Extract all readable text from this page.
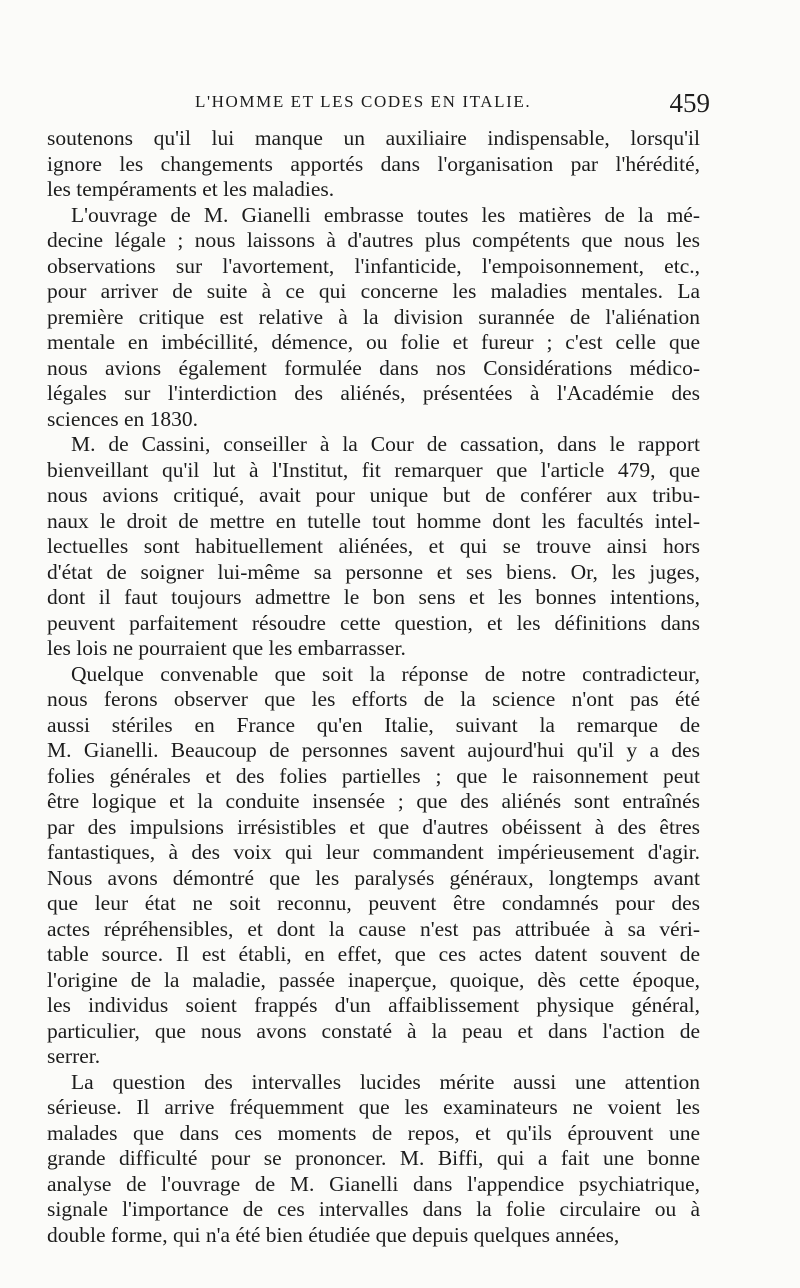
L'HOMME ET LES CODES EN ITALIE.	459

soutenons qu'il lui manque un auxiliaire indispensable, lorsqu'il
ignore les changements apportés dans l'organisation par l'hérédité,
les tempéraments et les maladies.

L'ouvrage de M. Gianelli embrasse toutes les matières de la mé-
decine légale ; nous laissons à d'autres plus compétents que nous les
observations sur l'avortement, l'infanticide, l'empoisonnement, etc.,
pour arriver de suite à ce qui concerne les maladies mentales. La
première critique est relative à la division surannée de l'aliénation
mentale en imbécillité, démence, ou folie et fureur ; c'est celle que
nous avions également formulée dans nos Considérations médico-
légales sur l'interdiction des aliénés, présentées à l'Académie des
sciences en 1830.

M. de Cassini, conseiller à la Cour de cassation, dans le rapport
bienveillant qu'il lut à l'Institut, fit remarquer que l'article 479, que
nous avions critiqué, avait pour unique but de conférer aux tribu-
naux le droit de mettre en tutelle tout homme dont les facultés intel-
lectuelles sont habituellement aliénées, et qui se trouve ainsi hors
d'état de soigner lui-même sa personne et ses biens. Or, les juges,
dont il faut toujours admettre le bon sens et les bonnes intentions,
peuvent parfaitement résoudre cette question, et les définitions dans
les lois ne pourraient que les embarrasser.

Quelque convenable que soit la réponse de notre contradicteur,
nous ferons observer que les efforts de la science n'ont pas été
aussi stériles en France qu'en Italie, suivant la remarque de
M. Gianelli. Beaucoup de personnes savent aujourd'hui qu'il y a des
folies générales et des folies partielles ; que le raisonnement peut
être logique et la conduite insensée ; que des aliénés sont entraînés
par des impulsions irrésistibles et que d'autres obéissent à des êtres
fantastiques, à des voix qui leur commandent impérieusement d'agir.
Nous avons démontré que les paralysés généraux, longtemps avant
que leur état ne soit reconnu, peuvent être condamnés pour des
actes répréhensibles, et dont la cause n'est pas attribuée à sa véri-
table source. Il est établi, en effet, que ces actes datent souvent de
l'origine de la maladie, passée inaperçue, quoique, dès cette époque,
les individus soient frappés d'un affaiblissement physique général,
particulier, que nous avons constaté à la peau et dans l'action de
serrer.

La question des intervalles lucides mérite aussi une attention
sérieuse. Il arrive fréquemment que les examinateurs ne voient les
malades que dans ces moments de repos, et qu'ils éprouvent une
grande difficulté pour se prononcer. M. Biffi, qui a fait une bonne
analyse de l'ouvrage de M. Gianelli dans l'appendice psychiatrique,
signale l'importance de ces intervalles dans la folie circulaire ou à
double forme, qui n'a été bien étudiée que depuis quelques années,
